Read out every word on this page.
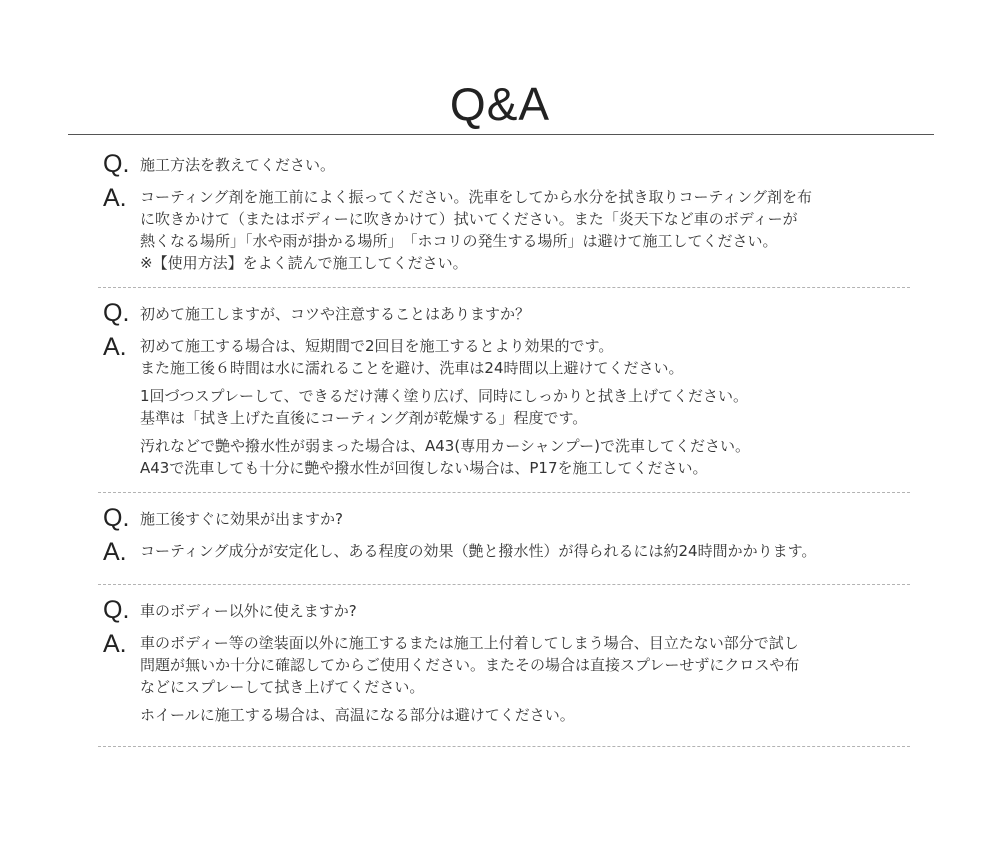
Q&A
Q. 施工方法を教えてください。
A. コーティング剤を施工前によく振ってください。洗車をしてから水分を拭き取りコーティング剤を布
に吹きかけて（またはボディーに吹きかけて）拭いてください。また「炎天下など車のボディーが
熱くなる場所」「水や雨が掛かる場所」　「ホコリの発生する場所」は避けて施工してください。
※【使用方法】をよく読んで施工してください。
Q. 初めて施工しますが、コツや注意することはありますか？
A. 初めて施工する場合は、短期間で2回目を施工するとより効果的です。
また施工後６時間は水に濡れることを避け、洗車は24時間以上避けてください。
1回づつスプレーして、できるだけ薄く塗り広げ、同時にしっかりと拭き上げてください。
基準は「拭き上げた直後にコーティング剤が乾燥する」程度です。
汚れなどで艶や撥水性が弱まった場合は、A43(専用カーシャンプー)で洗車してください。
A43で洗車しても十分に艶や撥水性が回復しない場合は、P17を施工してください。
Q. 施工後すぐに効果が出ますか?
A. コーティング成分が安定化し、ある程度の効果（艶と撥水性）が得られるには約24時間かかります。
Q. 車のボディー以外に使えますか?
A. 車のボディー等の塗装面以外に施工するまたは施工上付着してしまう場合、目立たない部分で試し
問題が無いか十分に確認してからご使用ください。またその場合は直接スプレーせずにクロスや布
などにスプレーして拭き上げてください。
ホイールに施工する場合は、高温になる部分は避けてください。
